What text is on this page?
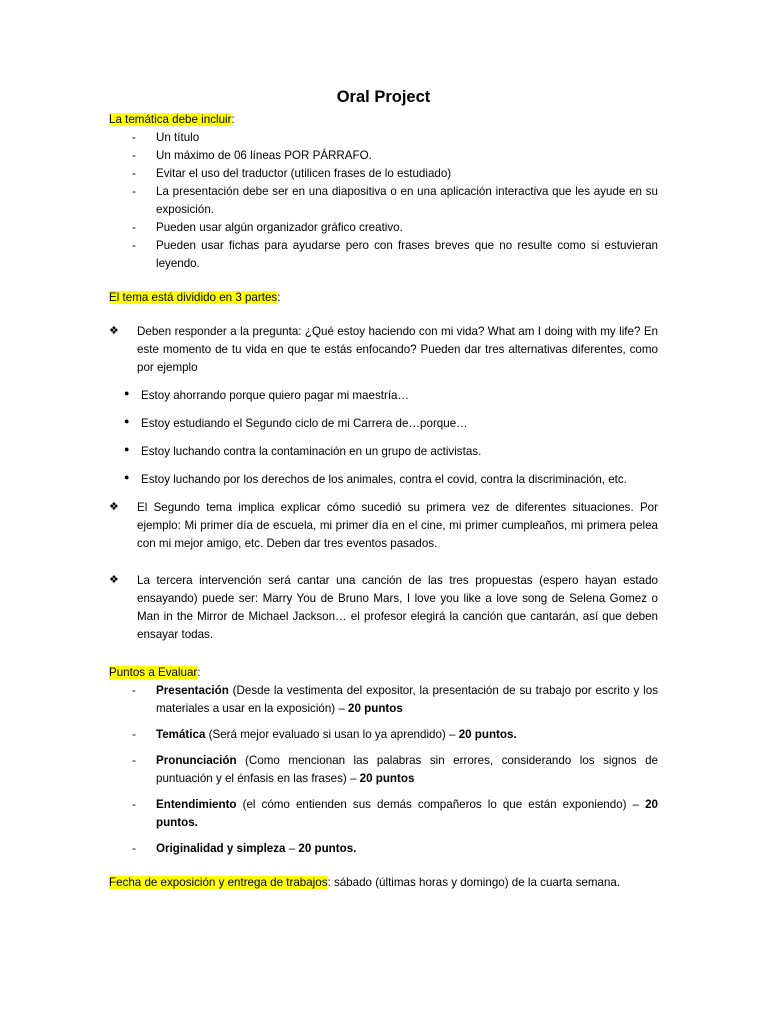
Oral Project

La temática debe incluir:

- Un título
- Un máximo de 06 líneas POR PÁRRAFO.
- Evitar el uso del traductor (utilicen frases de lo estudiado)
- La presentación debe ser en una diapositiva o en una aplicación interactiva que les ayude en su exposición.
- Pueden usar algún organizador gráfico creativo.
- Pueden usar fichas para ayudarse pero con frases breves que no resulte como si estuvieran leyendo.

El tema está dividido en 3 partes:

❖ Deben responder a la pregunta: ¿Qué estoy haciendo con mi vida? What am I doing with my life? En este momento de tu vida en que te estás enfocando? Pueden dar tres alternativas diferentes, como por ejemplo

● Estoy ahorrando porque quiero pagar mi maestría…
● Estoy estudiando el Segundo ciclo de mi Carrera de…porque…
● Estoy luchando contra la contaminación en un grupo de activistas.
● Estoy luchando por los derechos de los animales, contra el covid, contra la discriminación, etc.

❖ El Segundo tema implica explicar cómo sucedió su primera vez de diferentes situaciones. Por ejemplo: Mi primer día de escuela, mi primer día en el cine, mi primer cumpleaños, mi primera pelea con mi mejor amigo, etc. Deben dar tres eventos pasados.

❖ La tercera intervención será cantar una canción de las tres propuestas (espero hayan estado ensayando) puede ser: Marry You de Bruno Mars, I love you like a love song de Selena Gomez o Man in the Mirror de Michael Jackson… el profesor elegirá la canción que cantarán, así que deben ensayar todas.

Puntos a Evaluar:

- Presentación (Desde la vestimenta del expositor, la presentación de su trabajo por escrito y los materiales a usar en la exposición) – 20 puntos
- Temática (Será mejor evaluado si usan lo ya aprendido) – 20 puntos.
- Pronunciación (Como mencionan las palabras sin errores, considerando los signos de puntuación y el énfasis en las frases) – 20 puntos
- Entendimiento (el cómo entienden sus demás compañeros lo que están exponiendo) – 20 puntos.
- Originalidad y simpleza – 20 puntos.

Fecha de exposición y entrega de trabajos: sábado (últimas horas y domingo) de la cuarta semana.
